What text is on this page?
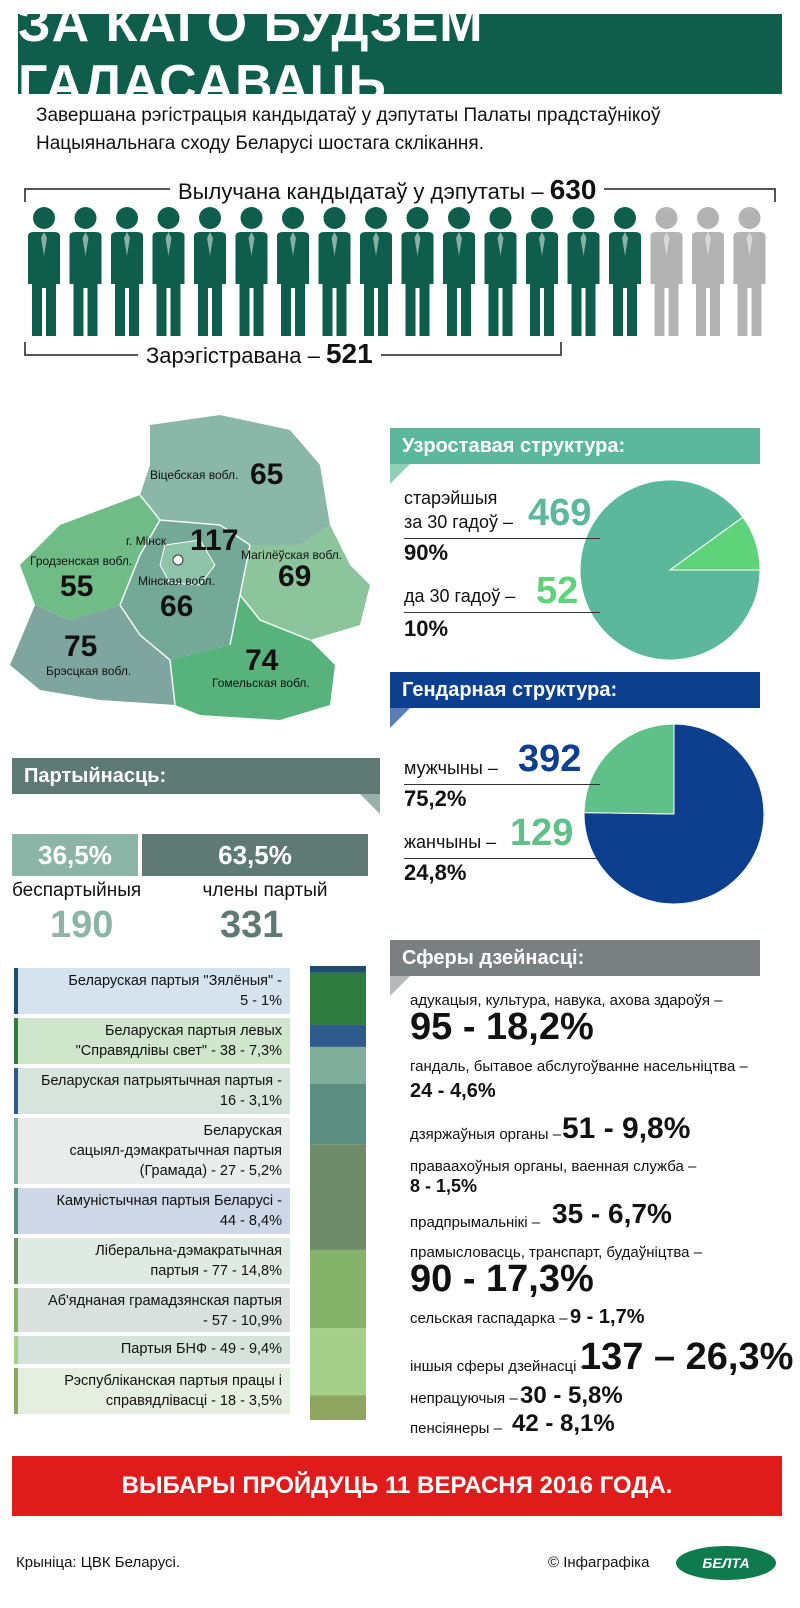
ЗА КАГО БУДЗЕМ ГАЛАСАВАЦЬ
Завершана рэгістрацыя кандыдатаў у дэпутаты Палаты прадстаўнікоў Нацыянальнага сходу Беларусі шостага склікання.
Вылучана кандыдатаў у дэпутаты – 630
Зарэгістравана – 521
Віцебская вобл. 65
г. Мінск 117 Магілёўская вобл.
69
Гродзенская вобл.
55	Мінская вобл.
66
75
Брэсцкая вобл.	74
Гомельская вобл.
Узроставая структура:
старэйшыя
за 30 гадоў – 469
90%
да 30 гадоў – 52
10%
Гендарная структура:
мужчыны – 392
75,2%
жанчыны – 129
24,8%
Партыйнасць:
36,5%	63,5%
беспартыйныя	члены партый
190	331
Беларуская партыя "Зялёныя" -
5 - 1%
Беларуская партыя левых
"Справядлівы свет" - 38 - 7,3%
Беларуская патрыятычная партыя -
16 - 3,1%
Беларуская
сацыял-дэмакратычная партыя
(Грамада) - 27 - 5,2%
Камуністычная партыя Беларусі -
44 - 8,4%
Ліберальна-дэмакратычная
партыя - 77 - 14,8%
Аб'яднаная грамадзянская партыя
- 57 - 10,9%
Партыя БНФ - 49 - 9,4%
Рэспубліканская партыя працы і
справядлівасці - 18 - 3,5%
Сферы дзейнасці:
адукацыя, культура, навука, ахова здароўя –
95 - 18,2%
гандаль, бытавое абслугоўванне насельніцтва –
24 - 4,6%
дзяржаўныя органы – 51 - 9,8%
праваахоўныя органы, ваенная служба –
8 - 1,5%
прадпрымальнікі – 35 - 6,7%
прамысловасць, транспарт, будаўніцтва –
90 - 17,3%
сельская гаспадарка – 9 - 1,7%
іншыя сферы дзейнасці –
137 – 26,3%
непрацуючыя – 30 - 5,8%
пенсіянеры – 42 - 8,1%
ВЫБАРЫ ПРОЙДУЦЬ 11 ВЕРАСНЯ 2016 ГОДА.
Крыніца: ЦВК Беларусі.	© Інфаграфіка	БЕЛТА
